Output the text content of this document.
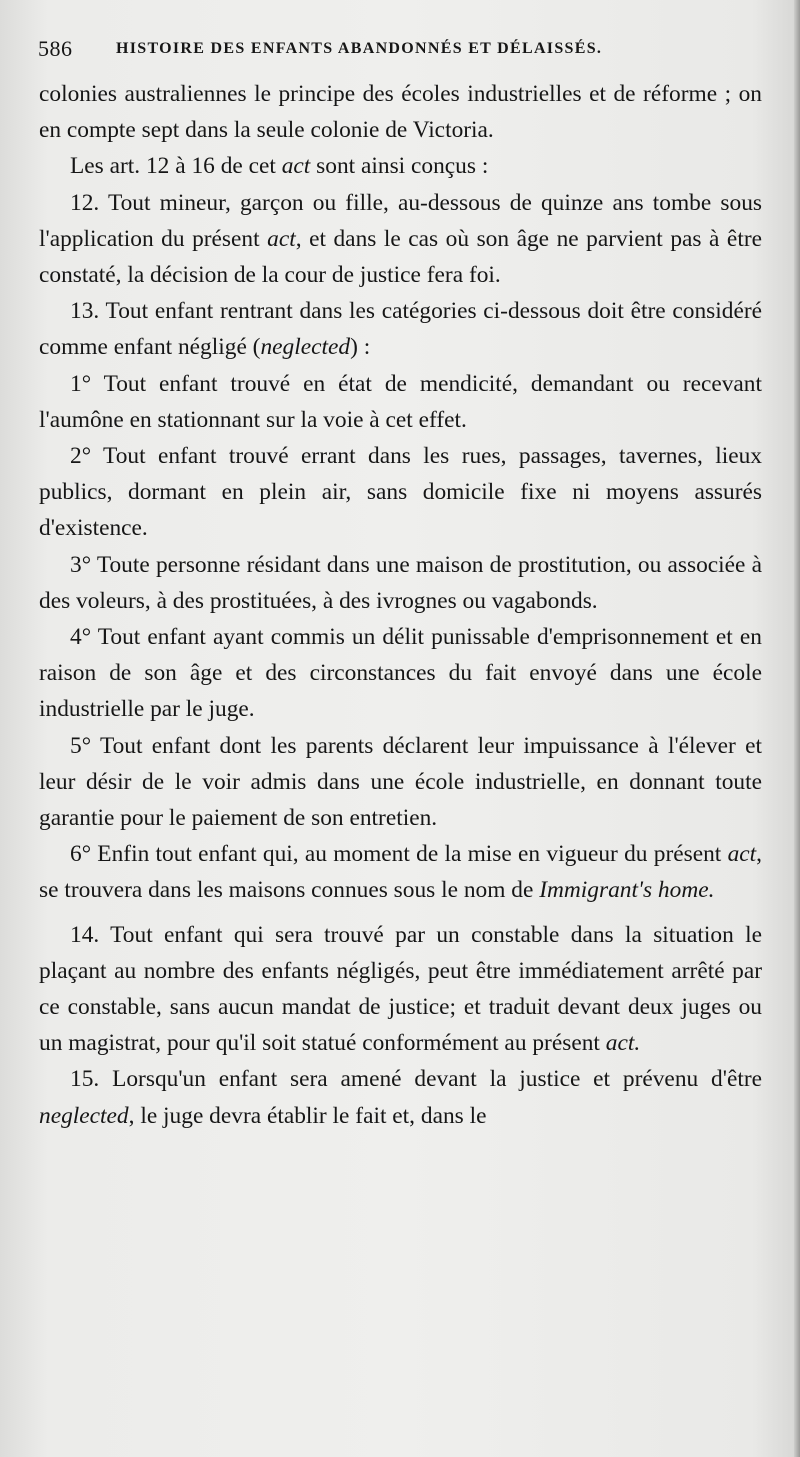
586	HISTOIRE DES ENFANTS ABANDONNÉS ET DÉLAISSÉS.

colonies australiennes le principe des écoles industrielles et de réforme ; on en compte sept dans la seule colonie de Victoria.

Les art. 12 à 16 de cet act sont ainsi conçus :

12. Tout mineur, garçon ou fille, au-dessous de quinze ans tombe sous l'application du présent act, et dans le cas où son âge ne parvient pas à être constaté, la décision de la cour de justice fera foi.

13. Tout enfant rentrant dans les catégories ci-dessous doit être considéré comme enfant négligé (neglected) :

1° Tout enfant trouvé en état de mendicité, demandant ou recevant l'aumône en stationnant sur la voie à cet effet.

2° Tout enfant trouvé errant dans les rues, passages, tavernes, lieux publics, dormant en plein air, sans domicile fixe ni moyens assurés d'existence.

3° Toute personne résidant dans une maison de prostitution, ou associée à des voleurs, à des prostituées, à des ivrognes ou vagabonds.

4° Tout enfant ayant commis un délit punissable d'emprisonnement et en raison de son âge et des circonstances du fait envoyé dans une école industrielle par le juge.

5° Tout enfant dont les parents déclarent leur impuissance à l'élever et leur désir de le voir admis dans une école industrielle, en donnant toute garantie pour le paiement de son entretien.

6° Enfin tout enfant qui, au moment de la mise en vigueur du présent act, se trouvera dans les maisons connues sous le nom de Immigrant's home.

14. Tout enfant qui sera trouvé par un constable dans la situation le plaçant au nombre des enfants négligés, peut être immédiatement arrêté par ce constable, sans aucun mandat de justice; et traduit devant deux juges ou un magistrat, pour qu'il soit statué conformément au présent act.

15. Lorsqu'un enfant sera amené devant la justice et prévenu d'être neglected, le juge devra établir le fait et, dans le
